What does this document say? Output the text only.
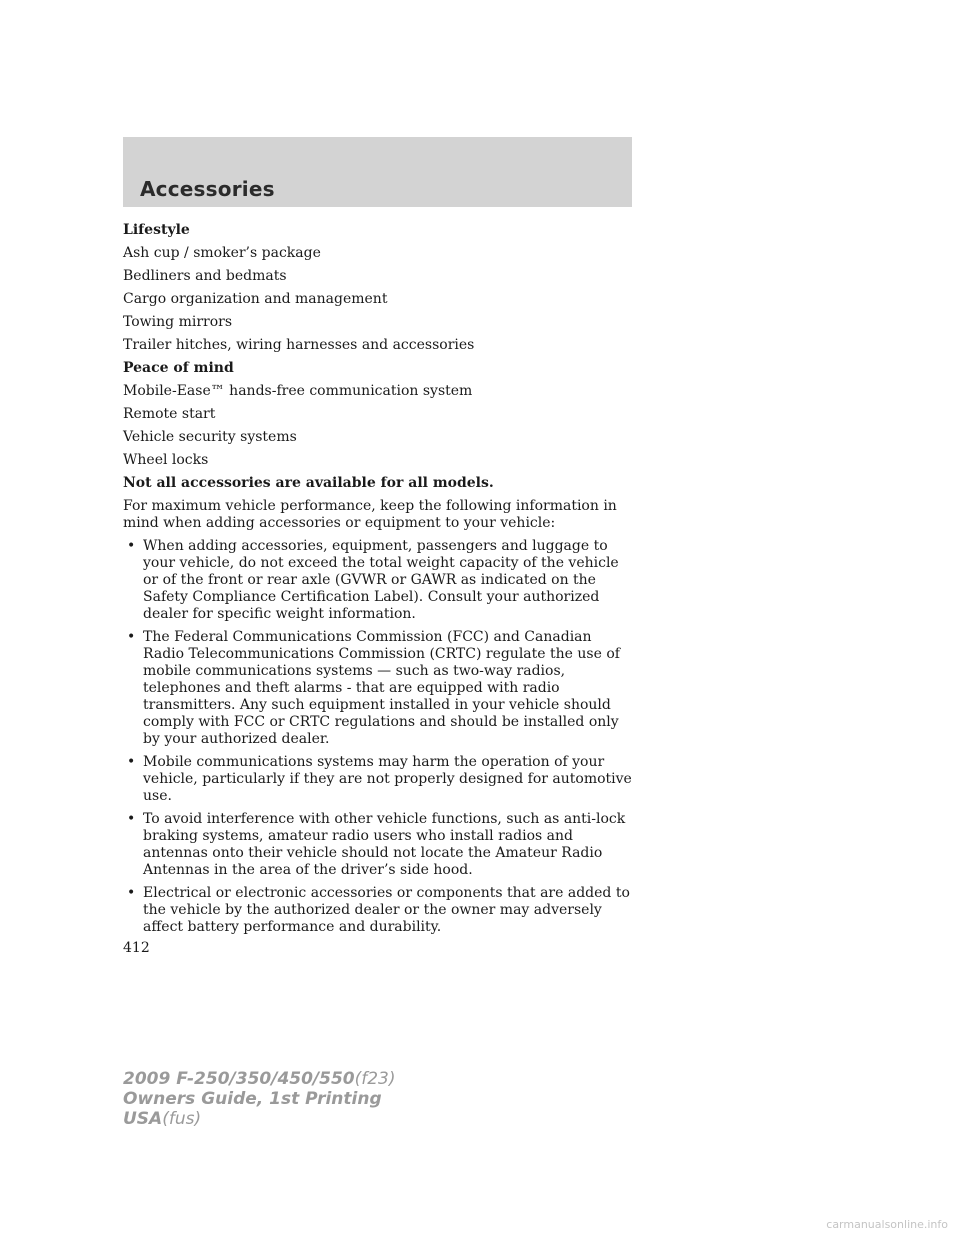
Accessories
Lifestyle
Ash cup / smoker’s package
Bedliners and bedmats
Cargo organization and management
Towing mirrors
Trailer hitches, wiring harnesses and accessories
Peace of mind
Mobile-Ease™ hands-free communication system
Remote start
Vehicle security systems
Wheel locks
Not all accessories are available for all models.
For maximum vehicle performance, keep the following information in mind when adding accessories or equipment to your vehicle:
• When adding accessories, equipment, passengers and luggage to your vehicle, do not exceed the total weight capacity of the vehicle or of the front or rear axle (GVWR or GAWR as indicated on the Safety Compliance Certification Label). Consult your authorized dealer for specific weight information.
• The Federal Communications Commission (FCC) and Canadian Radio Telecommunications Commission (CRTC) regulate the use of mobile communications systems — such as two-way radios, telephones and theft alarms - that are equipped with radio transmitters. Any such equipment installed in your vehicle should comply with FCC or CRTC regulations and should be installed only by your authorized dealer.
• Mobile communications systems may harm the operation of your vehicle, particularly if they are not properly designed for automotive use.
• To avoid interference with other vehicle functions, such as anti-lock braking systems, amateur radio users who install radios and antennas onto their vehicle should not locate the Amateur Radio Antennas in the area of the driver’s side hood.
• Electrical or electronic accessories or components that are added to the vehicle by the authorized dealer or the owner may adversely affect battery performance and durability.
412
2009 F-250/350/450/550(f23)
Owners Guide, 1st Printing
USA(fus)
carmanualsonline.info
